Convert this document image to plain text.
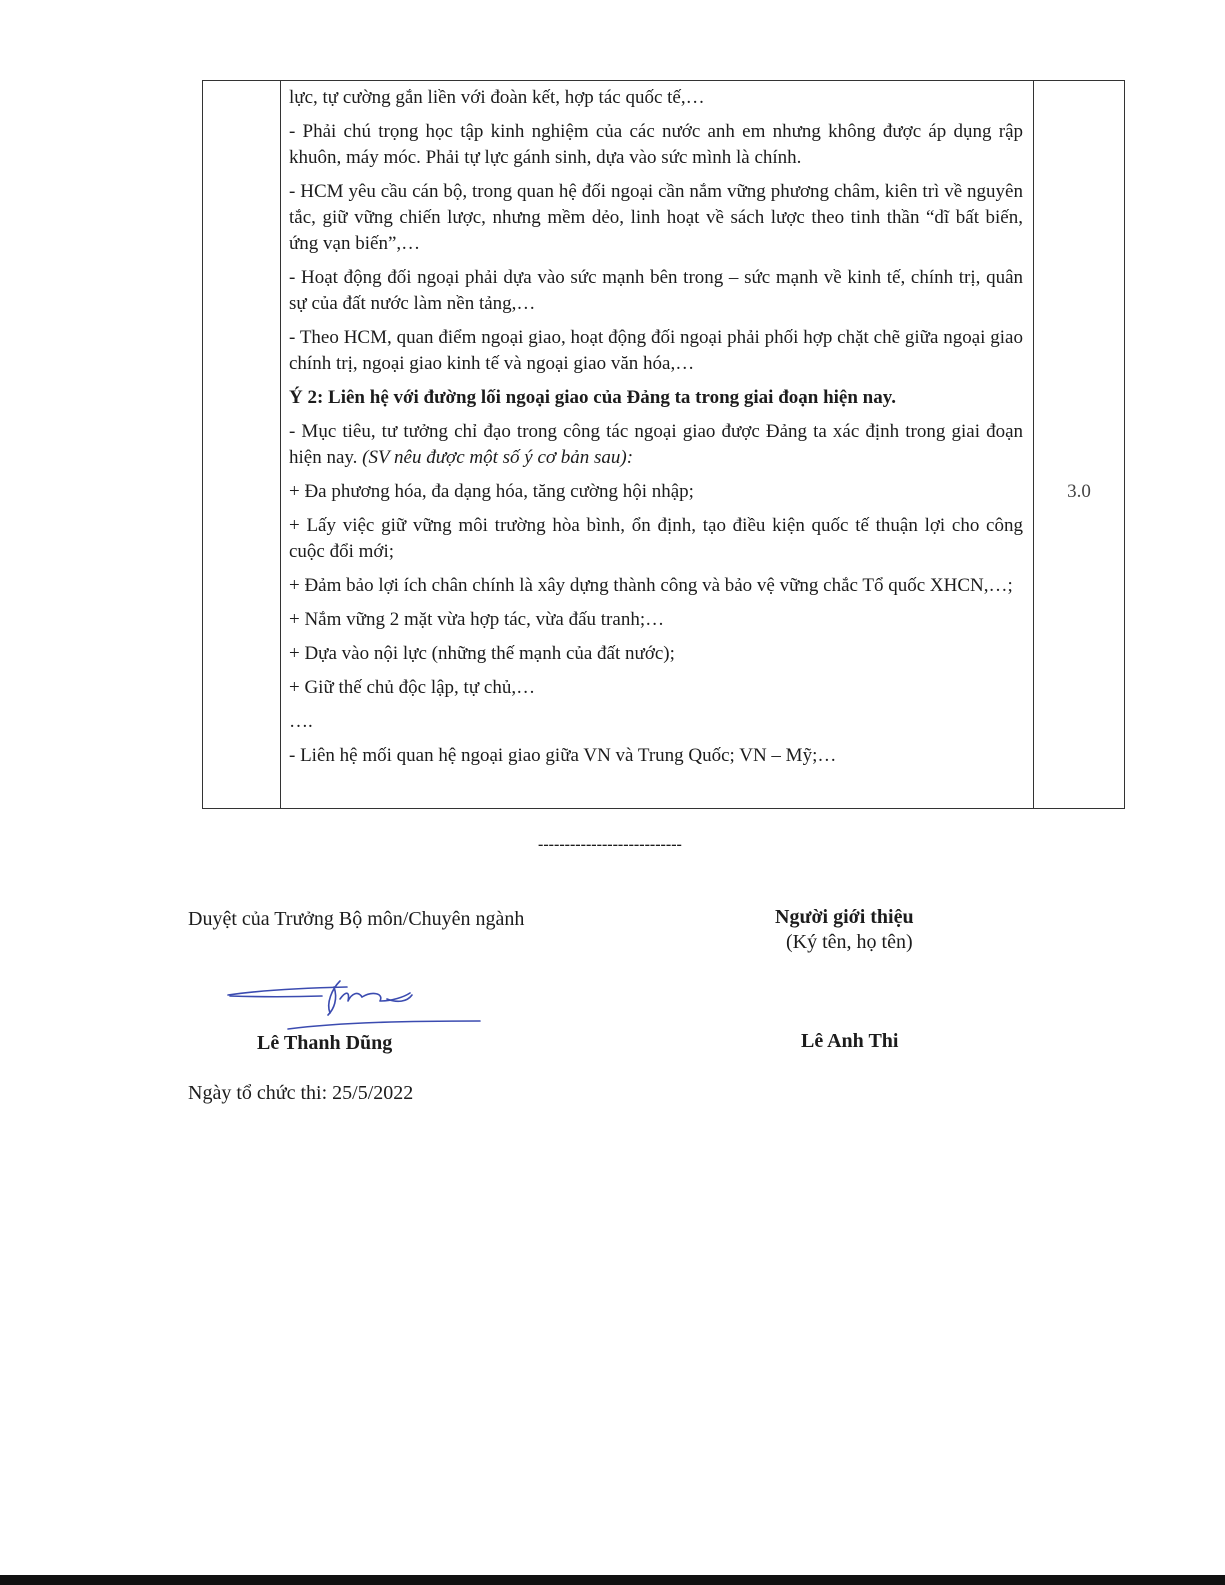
lực, tự cường gắn liền với đoàn kết, hợp tác quốc tế,…

- Phải chú trọng học tập kinh nghiệm của các nước anh em nhưng không được áp dụng rập khuôn, máy móc. Phải tự lực gánh sinh, dựa vào sức mình là chính.

- HCM yêu cầu cán bộ, trong quan hệ đối ngoại cần nắm vững phương châm, kiên trì về nguyên tắc, giữ vững chiến lược, nhưng mềm dẻo, linh hoạt về sách lược theo tinh thần “dĩ bất biến, ứng vạn biến”,…

- Hoạt động đối ngoại phải dựa vào sức mạnh bên trong – sức mạnh về kinh tế, chính trị, quân sự của đất nước làm nền tảng,…

- Theo HCM, quan điểm ngoại giao, hoạt động đối ngoại phải phối hợp chặt chẽ giữa ngoại giao chính trị, ngoại giao kinh tế và ngoại giao văn hóa,…

Ý 2: Liên hệ với đường lối ngoại giao của Đảng ta trong giai đoạn hiện nay.

- Mục tiêu, tư tưởng chỉ đạo trong công tác ngoại giao được Đảng ta xác định trong giai đoạn hiện nay. (SV nêu được một số ý cơ bản sau):

+ Đa phương hóa, đa dạng hóa, tăng cường hội nhập;

+ Lấy việc giữ vững môi trường hòa bình, ổn định, tạo điều kiện quốc tế thuận lợi cho công cuộc đổi mới;

+ Đảm bảo lợi ích chân chính là xây dựng thành công và bảo vệ vững chắc Tổ quốc XHCN,…;

+ Nắm vững 2 mặt vừa hợp tác, vừa đấu tranh;…

+ Dựa vào nội lực (những thế mạnh của đất nước);

+ Giữ thế chủ độc lập, tự chủ,…

….

- Liên hệ mối quan hệ ngoại giao giữa VN và Trung Quốc; VN – Mỹ;…

3.0
---------------------------
Duyệt của Trưởng Bộ môn/Chuyên ngành	Người giới thiệu
(Ký tên, họ tên)
Lê Thanh Dũng	Lê Anh Thi
Ngày tổ chức thi: 25/5/2022
